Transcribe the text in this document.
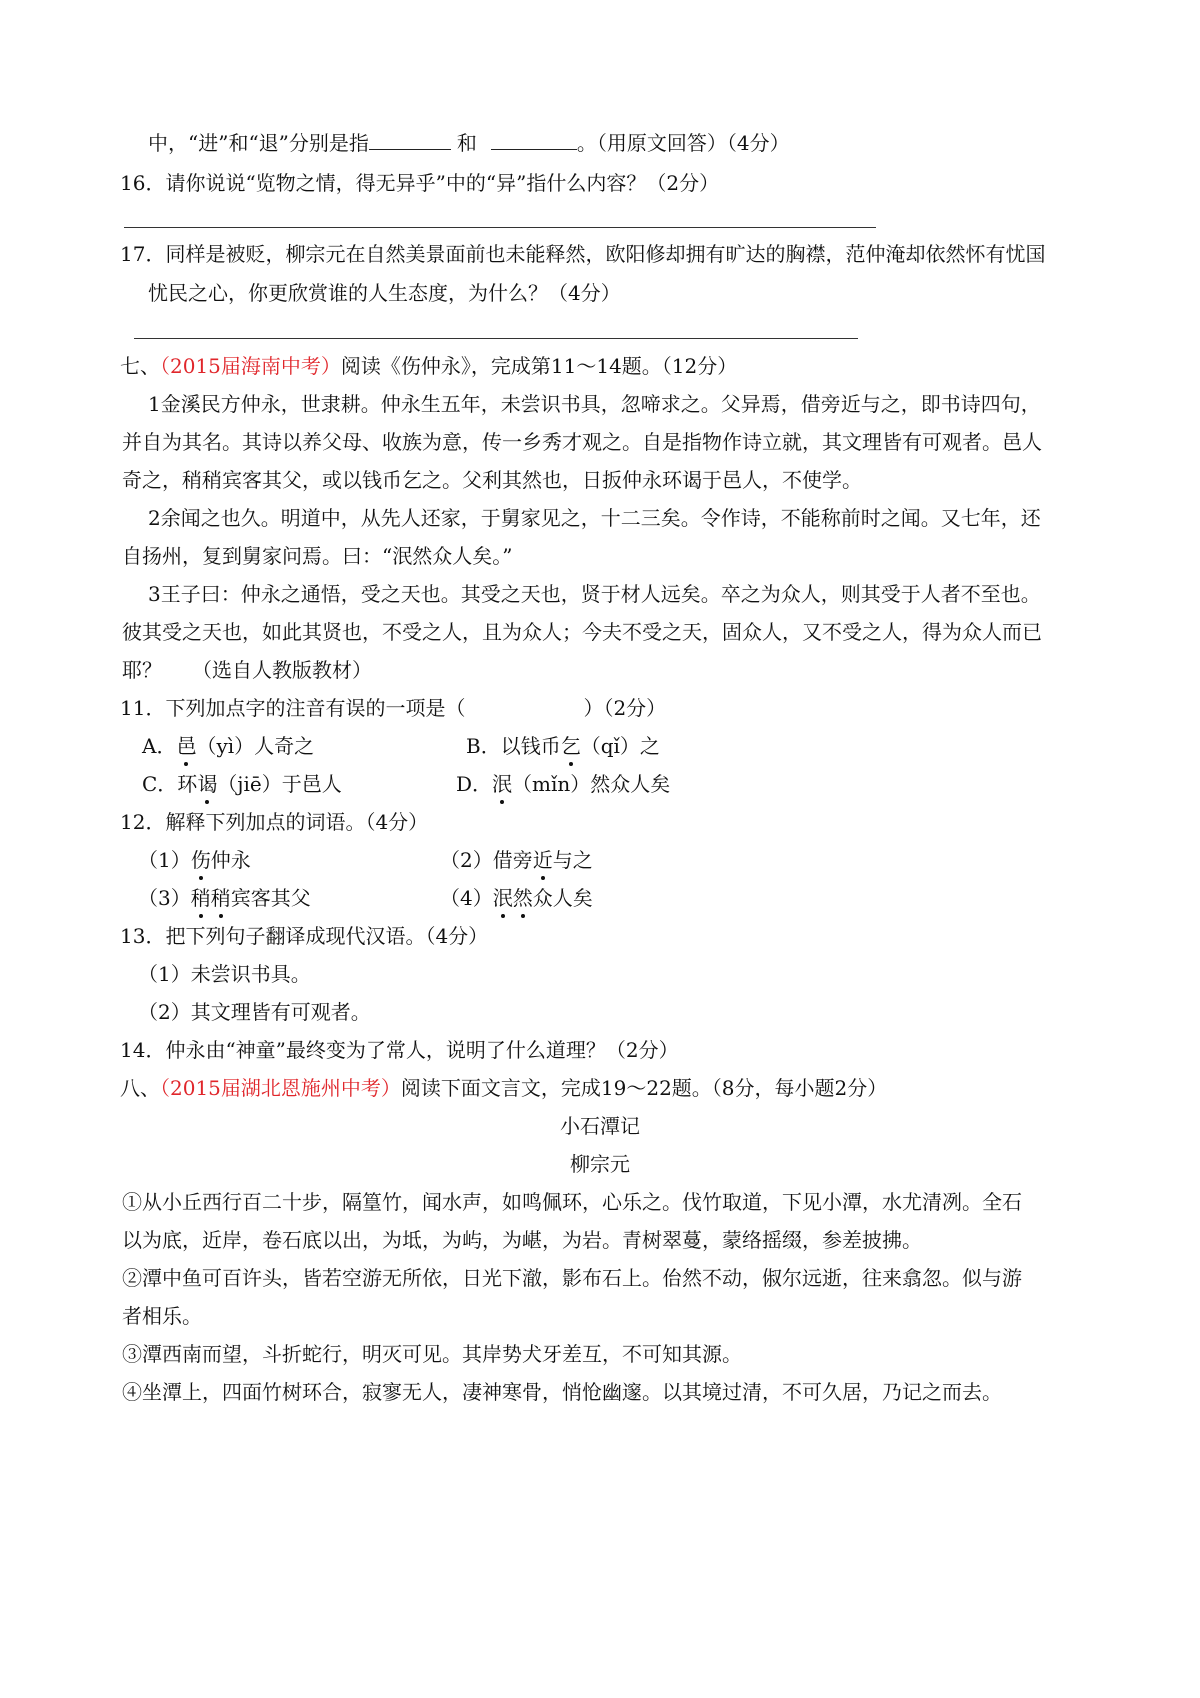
中，“进”和“退”分别是指	和	。（用原文回答）（4分）
16．请你说说“览物之情，得无异乎”中的“异”指什么内容？（2分）
17．同样是被贬，柳宗元在自然美景面前也未能释然，欧阳修却拥有旷达的胸襟，范仲淹却依然怀有忧国
忧民之心，你更欣赏谁的人生态度，为什么？（4分）
七、（2015届海南中考）阅读《伤仲永》，完成第11～14题。（12分）
1金溪民方仲永，世隶耕。仲永生五年，未尝识书具，忽啼求之。父异焉，借旁近与之，即书诗四句，
并自为其名。其诗以养父母、收族为意，传一乡秀才观之。自是指物作诗立就，其文理皆有可观者。邑人
奇之，稍稍宾客其父，或以钱币乞之。父利其然也，日扳仲永环谒于邑人，不使学。
2余闻之也久。明道中，从先人还家，于舅家见之，十二三矣。令作诗，不能称前时之闻。又七年，还
自扬州，复到舅家问焉。曰：“泯然众人矣。”
3王子曰：仲永之通悟，受之天也。其受之天也，贤于材人远矣。卒之为众人，则其受于人者不至也。
彼其受之天也，如此其贤也，不受之人，且为众人；今夫不受之天，固众人，又不受之人，得为众人而已
耶？　　（选自人教版教材）
11．下列加点字的注音有误的一项是（	）（2分）
A．邑（yì）人奇之	B．以钱币乞（qǐ）之
C．环谒（jiē）于邑人	D．泯（mǐn）然众人矣
12．解释下列加点的词语。（4分）
（1）伤仲永	（2）借旁近与之
（3）稍稍宾客其父	（4）泯然众人矣
13．把下列句子翻译成现代汉语。（4分）
（1）未尝识书具。
（2）其文理皆有可观者。
14．仲永由“神童”最终变为了常人，说明了什么道理？（2分）
八、（2015届湖北恩施州中考）阅读下面文言文，完成19～22题。（8分，每小题2分）
小石潭记
柳宗元
①从小丘西行百二十步，隔篁竹，闻水声，如鸣佩环，心乐之。伐竹取道，下见小潭，水尤清冽。全石
以为底，近岸，卷石底以出，为坻，为屿，为嵁，为岩。青树翠蔓，蒙络摇缀，参差披拂。
②潭中鱼可百许头，皆若空游无所依，日光下澈，影布石上。佁然不动，俶尔远逝，往来翕忽。似与游
者相乐。
③潭西南而望，斗折蛇行，明灭可见。其岸势犬牙差互，不可知其源。
④坐潭上，四面竹树环合，寂寥无人，凄神寒骨，悄怆幽邃。以其境过清，不可久居，乃记之而去。
